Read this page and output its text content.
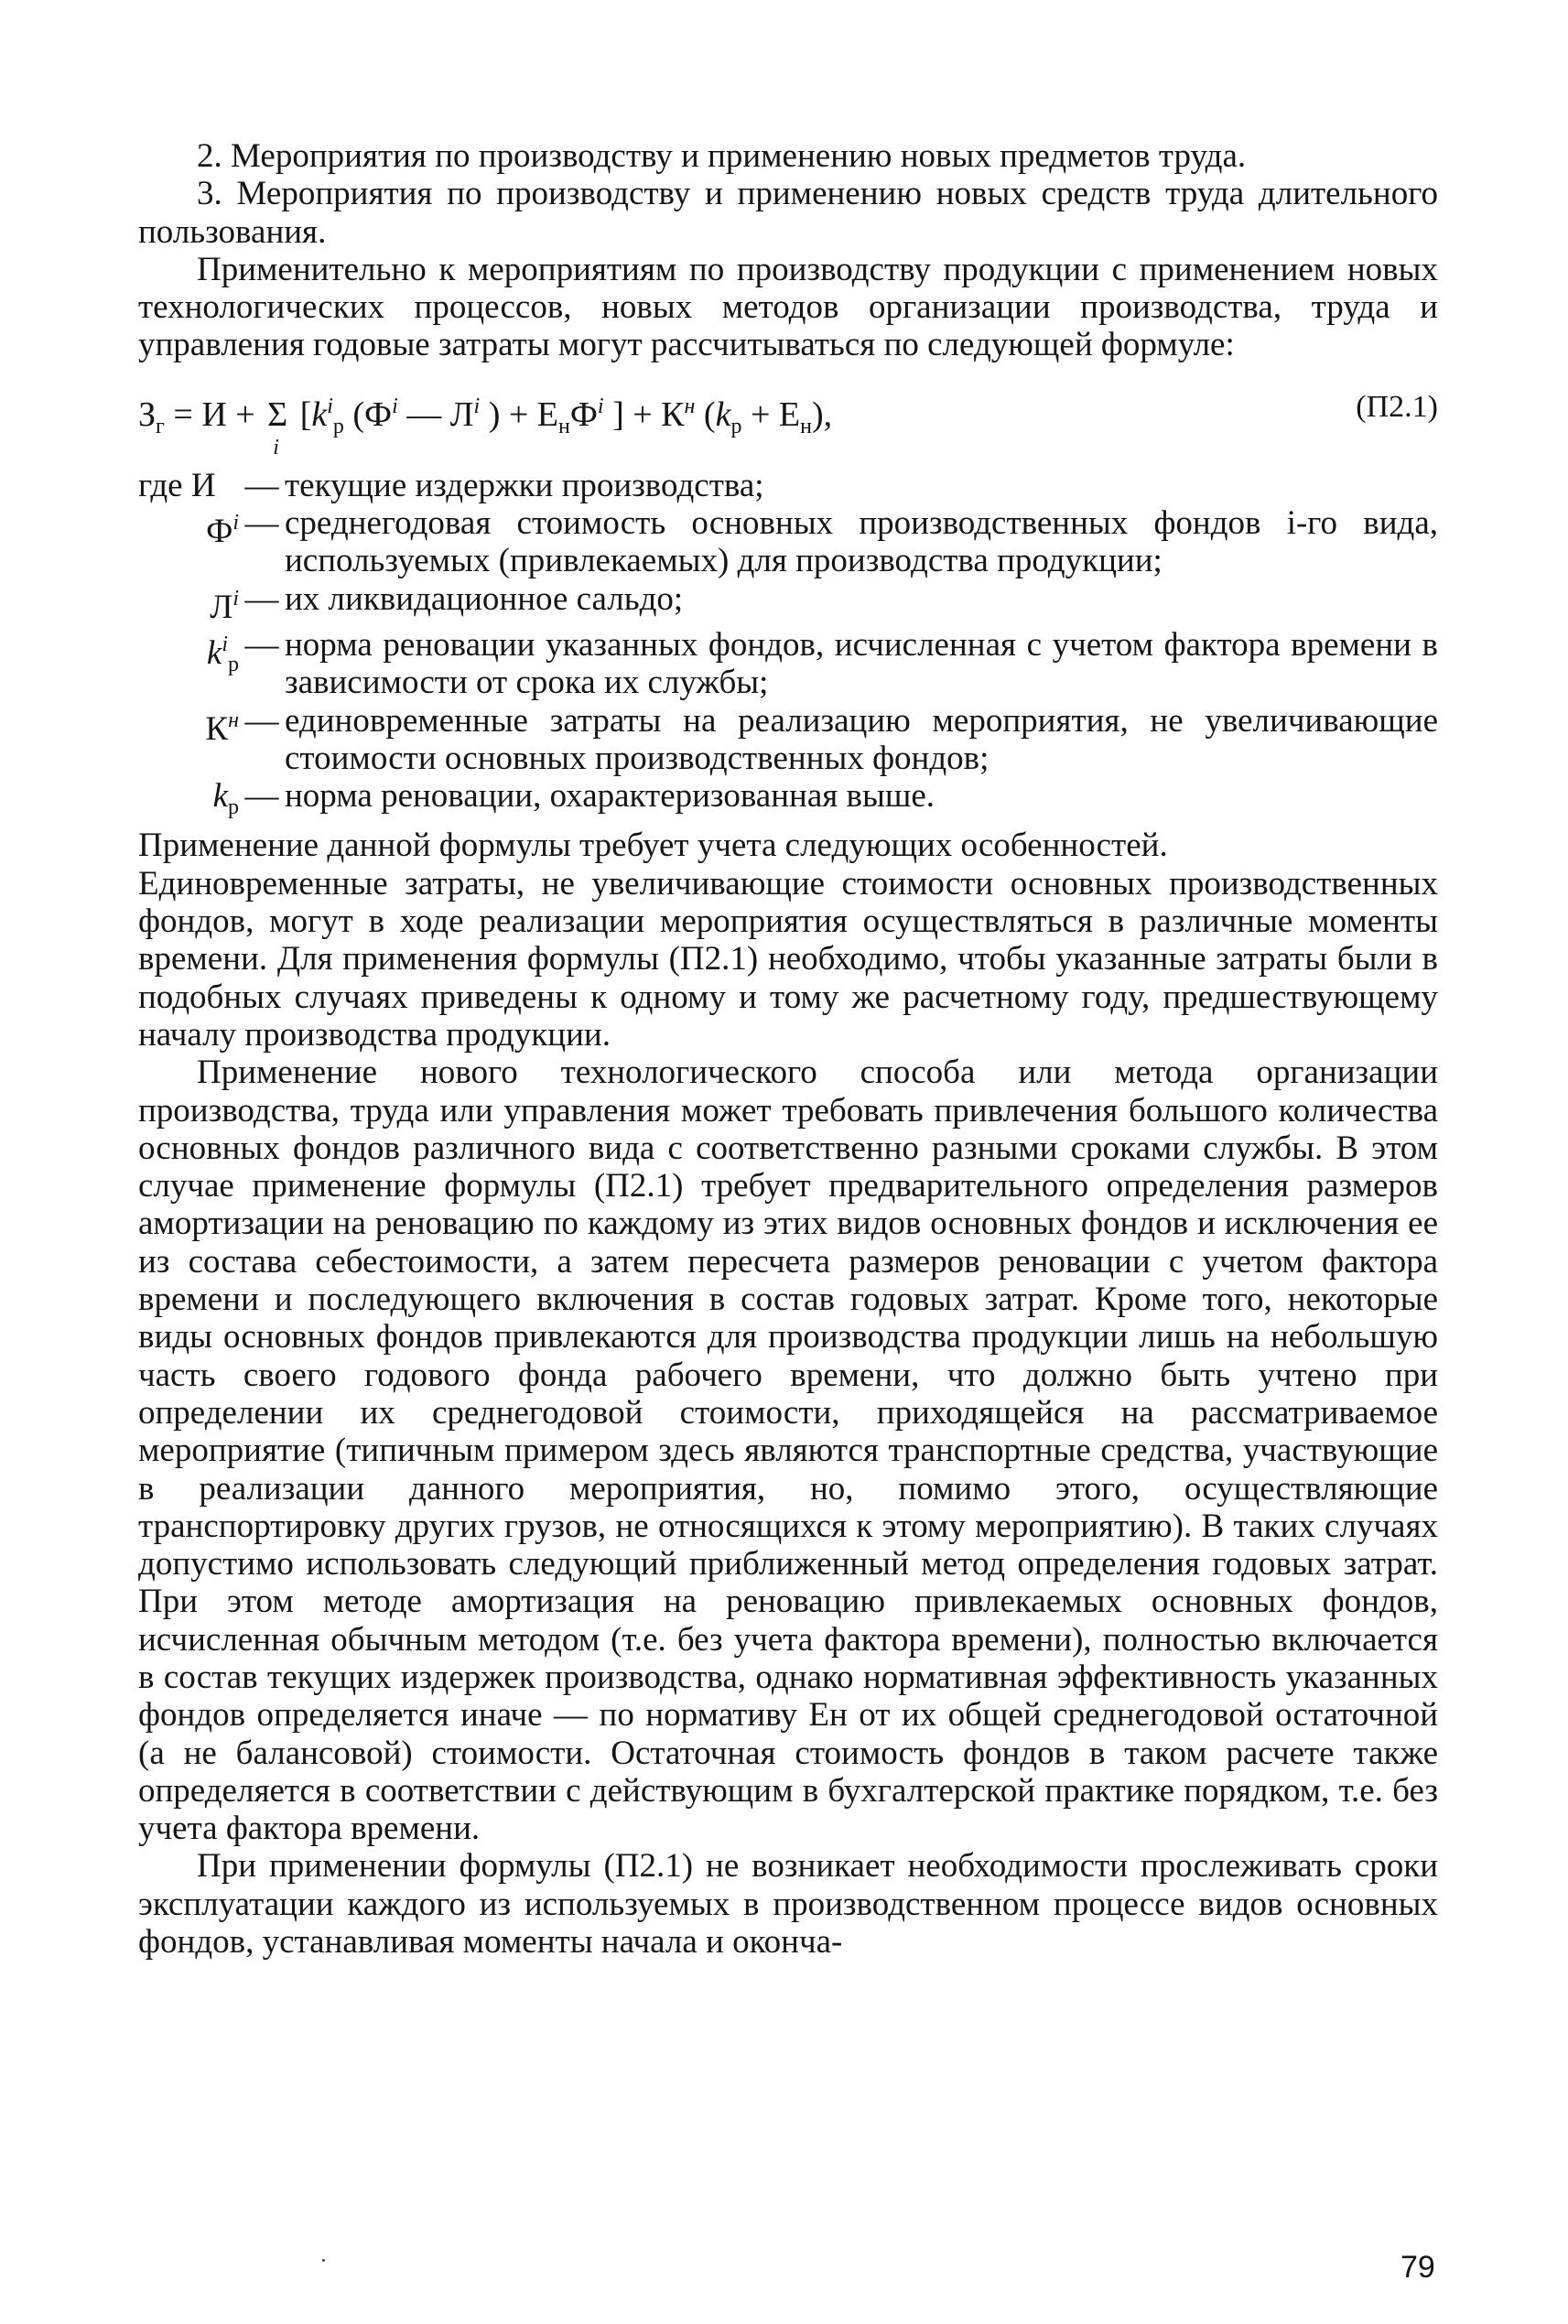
2. Мероприятия по производству и применению новых предметов труда.

3. Мероприятия по производству и применению новых средств труда длительного пользования.

Применительно к мероприятиям по производству продукции с применением новых технологических процессов, новых методов организации производства, труда и управления годовые затраты могут рассчитываться по следующей формуле:

$З_г = И + \Sigma$
i
[$k^i_р$ ($Ф^i$ — $Л^i$ ) + $Е_нФ^i$ ] + $К^н$ $(k_р + Е_н)$,	(П2.1)
где И — текущие издержки производства;
$Ф^i$ — среднегодовая стоимость основных производственных фондов i-го вида, используемых (привлекаемых) для производства продукции;
$Л^i$ — их ликвидационное сальдо;
$k^i_р$
— норма реновации указанных фондов, исчисленная с учетом фактора времени в зависимости от срока их службы;
$К^н$ — единовременные затраты на реализацию мероприятия, не увеличивающие стоимости основных производственных фондов;
$k_р$ — норма реновации, охарактеризованная выше.

Применение данной формулы требует учета следующих особенностей.

Единовременные затраты, не увеличивающие стоимости основных производственных фондов, могут в ходе реализации мероприятия осуществляться в различные моменты времени. Для применения формулы (П2.1) необходимо, чтобы указанные затраты были в подобных случаях приведены к одному и тому же расчетному году, предшествующему началу производства продукции.

Применение нового технологического способа или метода организации производства, труда или управления может требовать привлечения большого количества основных фондов различного вида с соответственно разными сроками службы. В этом случае применение формулы (П2.1) требует предварительного определения размеров амортизации на реновацию по каждому из этих видов основных фондов и исключения ее из состава себестоимости, а затем пересчета размеров реновации с учетом фактора времени и последующего включения в состав годовых затрат. Кроме того, некоторые виды основных фондов привлекаются для производства продукции лишь на небольшую часть своего годового фонда рабочего времени, что должно быть учтено при определении их среднегодовой стоимости, приходящейся на рассматриваемое мероприятие (типичным примером здесь являются транспортные средства, участвующие в реализации данного мероприятия, но, помимо этого, осуществляющие транспортировку других грузов, не относящихся к этому мероприятию). В таких случаях допустимо использовать следующий приближенный метод определения годовых затрат. При этом методе амортизация на реновацию привлекаемых основных фондов, исчисленная обычным методом (т.е. без учета фактора времени), полностью включается в состав текущих издержек производства, однако нормативная эффективность указанных фондов определяется иначе — по нормативу Ен от их общей среднегодовой остаточной (а не балансовой) стоимости. Остаточная стоимость фондов в таком расчете также определяется в соответствии с действующим в бухгалтерской практике порядком, т.е. без учета фактора времени.

При применении формулы (П2.1) не возникает необходимости прослеживать сроки эксплуатации каждого из используемых в производственном процессе видов основных фондов, устанавливая моменты начала и оконча-

79
